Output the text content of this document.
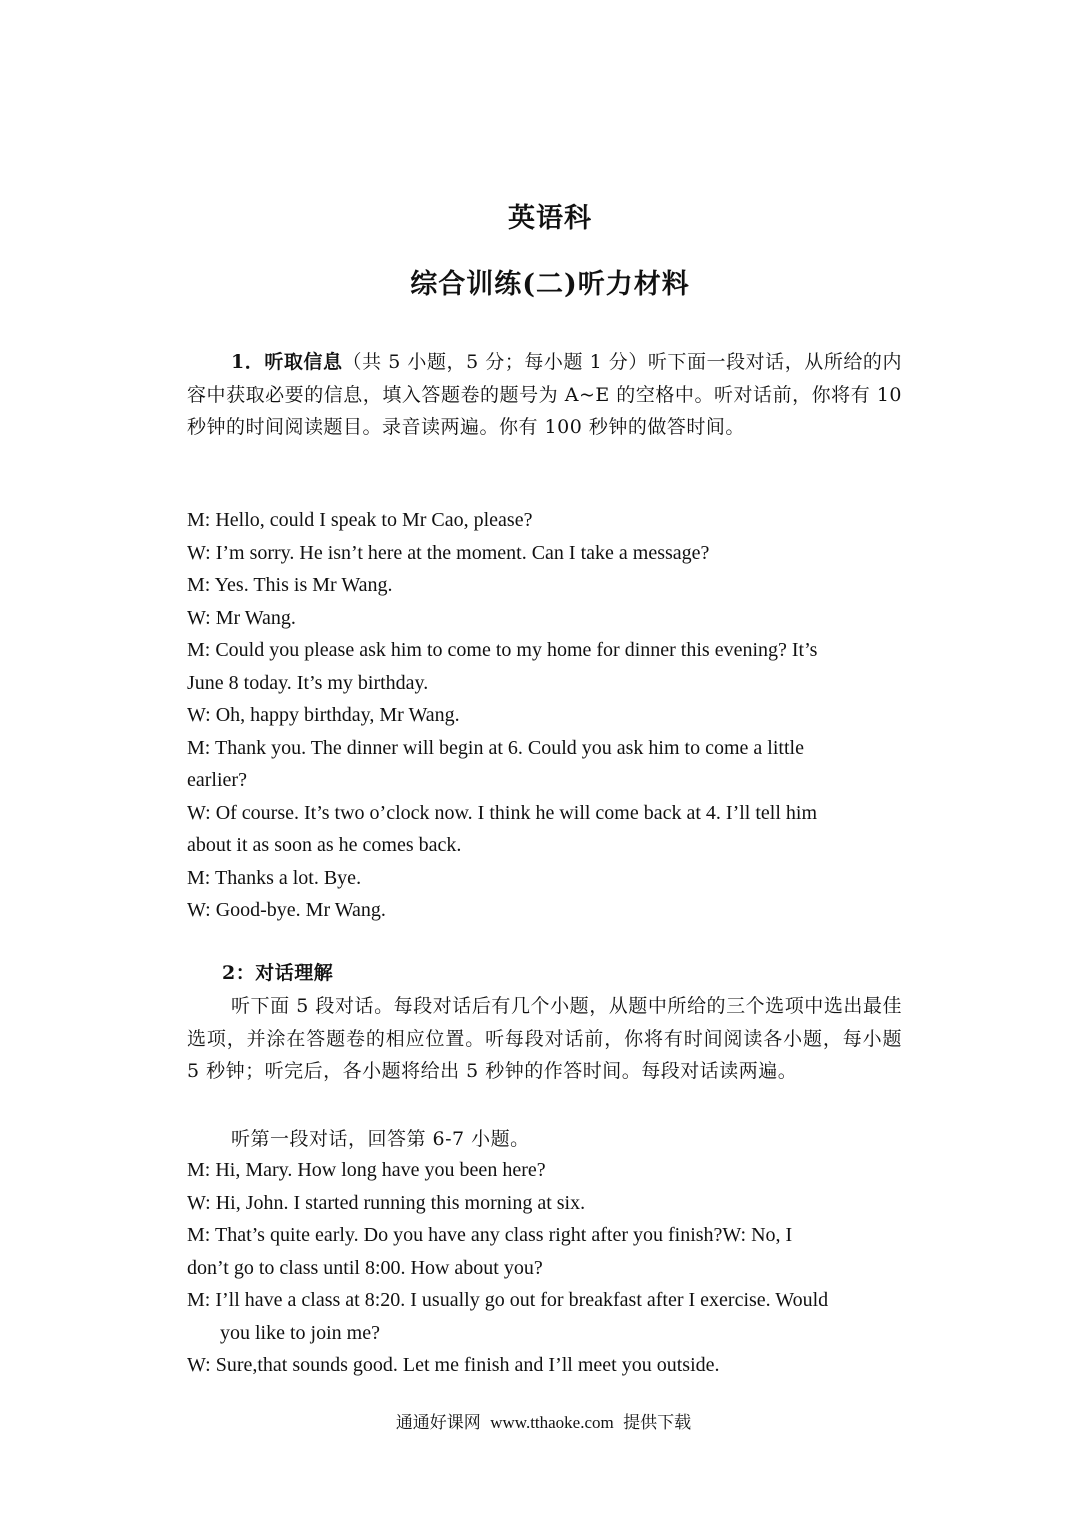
英语科
综合训练(二)听力材料
1．听取信息（共 5 小题，5 分；每小题 1 分）听下面一段对话，从所给的内容中获取必要的信息，填入答题卷的题号为 A~E 的空格中。听对话前，你将有 10 秒钟的时间阅读题目。录音读两遍。你有 100 秒钟的做答时间。
M: Hello, could I speak to Mr Cao, please?
W: I’m sorry. He isn’t here at the moment. Can I take a message?
M: Yes. This is Mr Wang.
W: Mr Wang.
M: Could you please ask him to come to my home for dinner this evening? It’s
June 8 today. It’s my birthday.
W: Oh, happy birthday, Mr Wang.
M: Thank you. The dinner will begin at 6. Could you ask him to come a little
earlier?
W: Of course. It’s two o’clock now. I think he will come back at 4. I’ll tell him
about it as soon as he comes back.
M: Thanks a lot. Bye.
W: Good-bye. Mr Wang.
2：对话理解
听下面 5 段对话。每段对话后有几个小题，从题中所给的三个选项中选出最佳选项，并涂在答题卷的相应位置。听每段对话前，你将有时间阅读各小题，每小题 5 秒钟；听完后，各小题将给出 5 秒钟的作答时间。每段对话读两遍。
听第一段对话，回答第 6-7 小题。
M: Hi, Mary. How long have you been here?
W: Hi, John. I started running this morning at six.
M: That’s quite early. Do you have any class right after you finish?W: No, I
don’t go to class until 8:00. How about you?
M: I’ll have a class at 8:20. I usually go out for breakfast after I exercise. Would
you like to join me?
W: Sure,that sounds good. Let me finish and I’ll meet you outside.
通通好课网 www.tthaoke.com 提供下载
